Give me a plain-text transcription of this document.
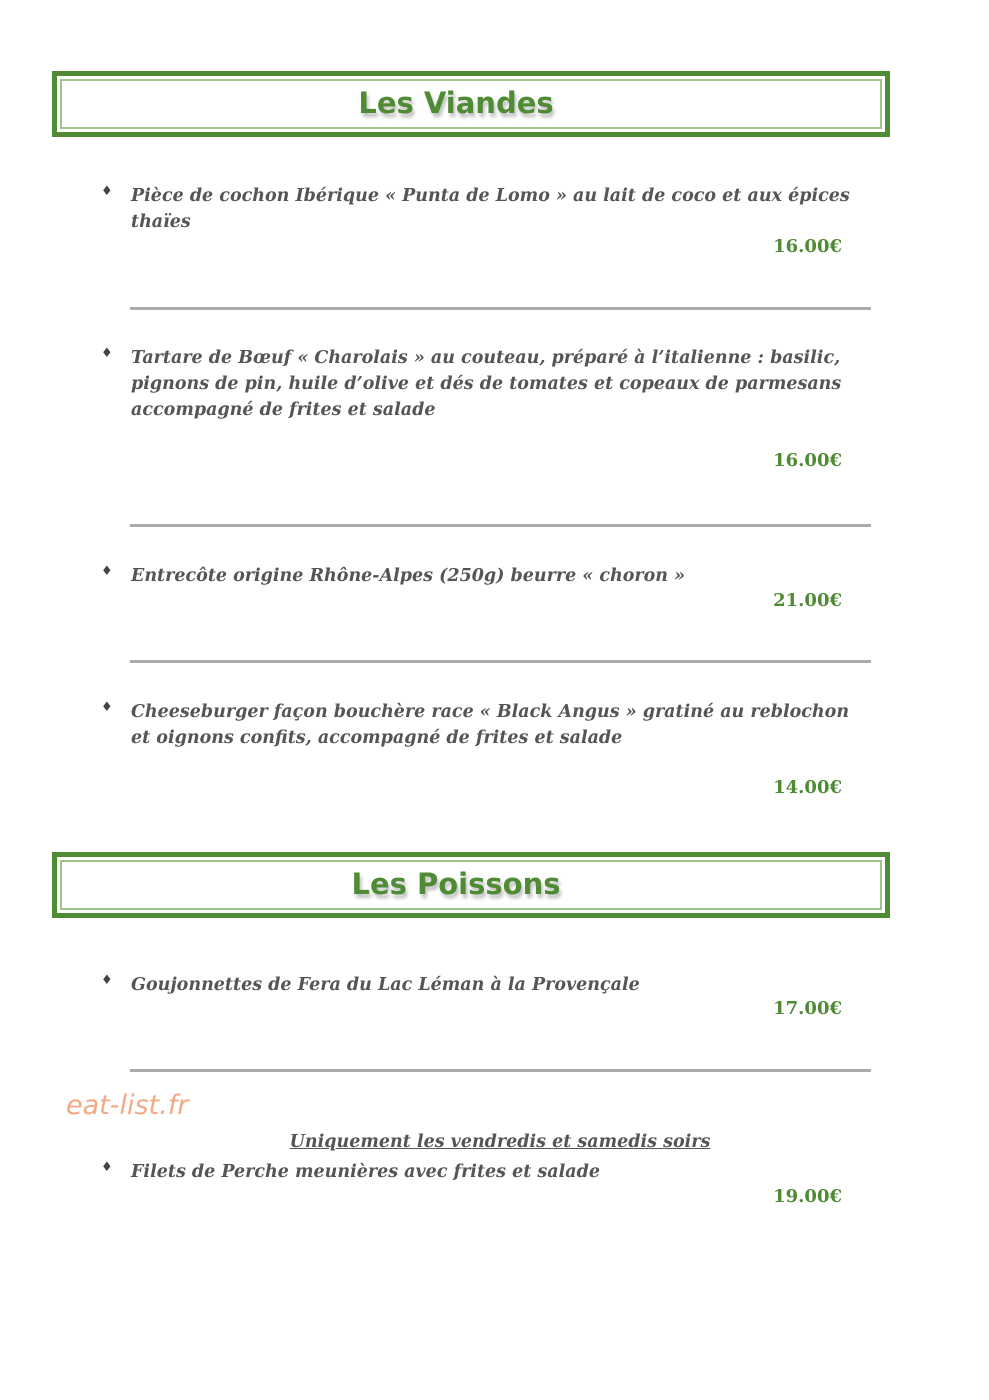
Les Viandes
♦ Pièce de cochon Ibérique « Punta de Lomo » au lait de coco et aux épices thaïes
16.00€
♦ Tartare de Bœuf « Charolais » au couteau, préparé à l’italienne : basilic, pignons de pin, huile d’olive et dés de tomates et copeaux de parmesans accompagné de frites et salade
16.00€
♦ Entrecôte origine Rhône-Alpes (250g) beurre « choron »
21.00€
♦ Cheeseburger façon bouchère race « Black Angus » gratiné au reblochon et oignons confits, accompagné de frites et salade
14.00€
Les Poissons
♦ Goujonnettes de Fera du Lac Léman à la Provençale
17.00€
eat-list.fr
Uniquement les vendredis et samedis soirs
♦ Filets de Perche meunières avec frites et salade
19.00€
